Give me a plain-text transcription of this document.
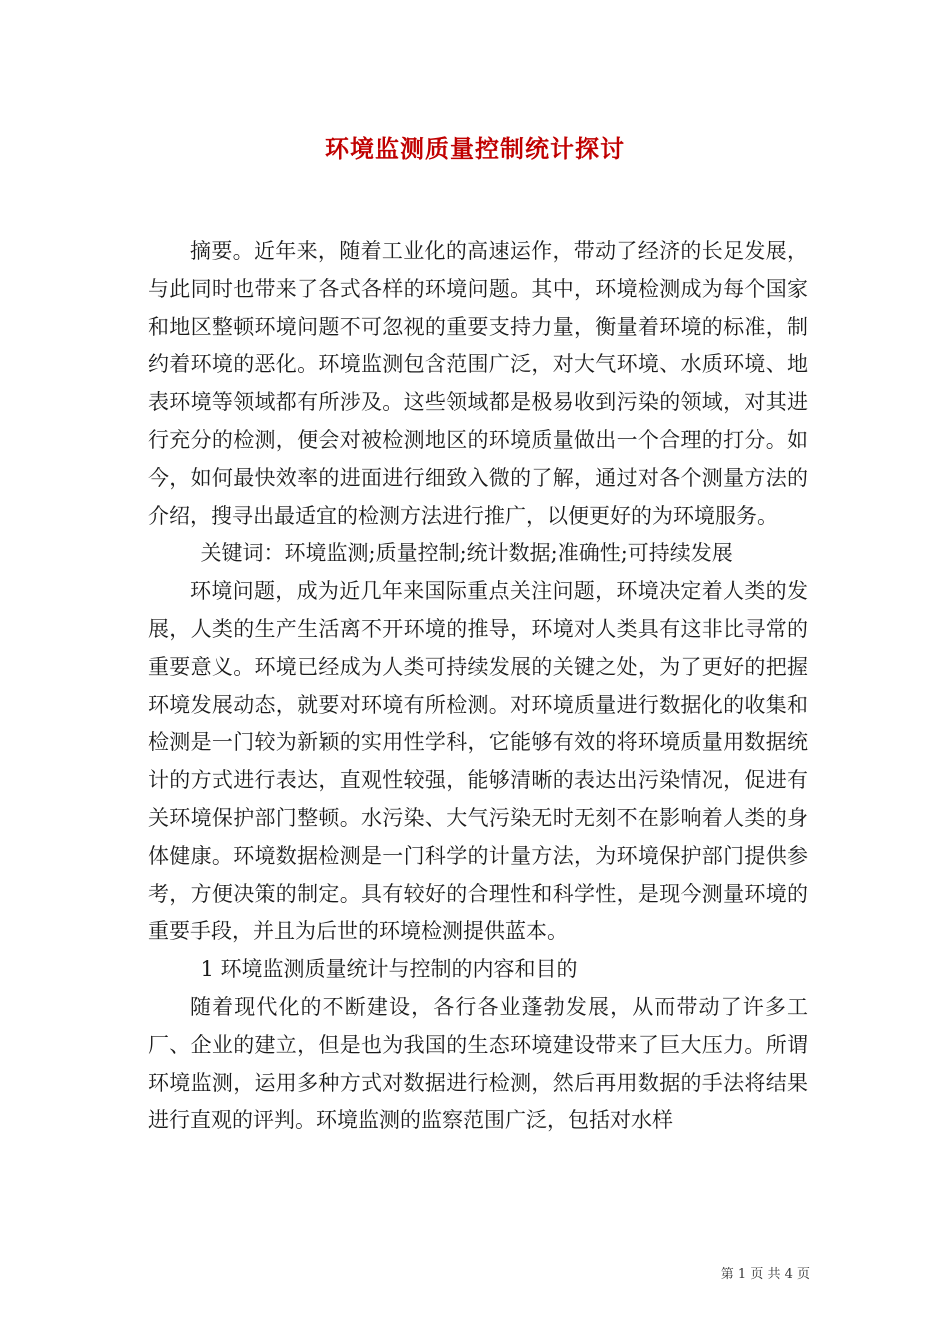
环境监测质量控制统计探讨

摘要。近年来，随着工业化的高速运作，带动了经济的长足发展，与此同时也带来了各式各样的环境问题。其中，环境检测成为每个国家和地区整顿环境问题不可忽视的重要支持力量，衡量着环境的标准，制约着环境的恶化。环境监测包含范围广泛，对大气环境、水质环境、地表环境等领域都有所涉及。这些领域都是极易收到污染的领域，对其进行充分的检测，便会对被检测地区的环境质量做出一个合理的打分。如今，如何最快效率的进面进行细致入微的了解，通过对各个测量方法的介绍，搜寻出最适宜的检测方法进行推广，以便更好的为环境服务。

关键词：环境监测;质量控制;统计数据;准确性;可持续发展

环境问题，成为近几年来国际重点关注问题，环境决定着人类的发展，人类的生产生活离不开环境的推导，环境对人类具有这非比寻常的重要意义。环境已经成为人类可持续发展的关键之处，为了更好的把握环境发展动态，就要对环境有所检测。对环境质量进行数据化的收集和检测是一门较为新颖的实用性学科，它能够有效的将环境质量用数据统计的方式进行表达，直观性较强，能够清晰的表达出污染情况，促进有关环境保护部门整顿。水污染、大气污染无时无刻不在影响着人类的身体健康。环境数据检测是一门科学的计量方法，为环境保护部门提供参考，方便决策的制定。具有较好的合理性和科学性，是现今测量环境的重要手段，并且为后世的环境检测提供蓝本。

1 环境监测质量统计与控制的内容和目的

随着现代化的不断建设，各行各业蓬勃发展，从而带动了许多工厂、企业的建立，但是也为我国的生态环境建设带来了巨大压力。所谓环境监测，运用多种方式对数据进行检测，然后再用数据的手法将结果进行直观的评判。环境监测的监察范围广泛，包括对水样

第 1 页 共 4 页
